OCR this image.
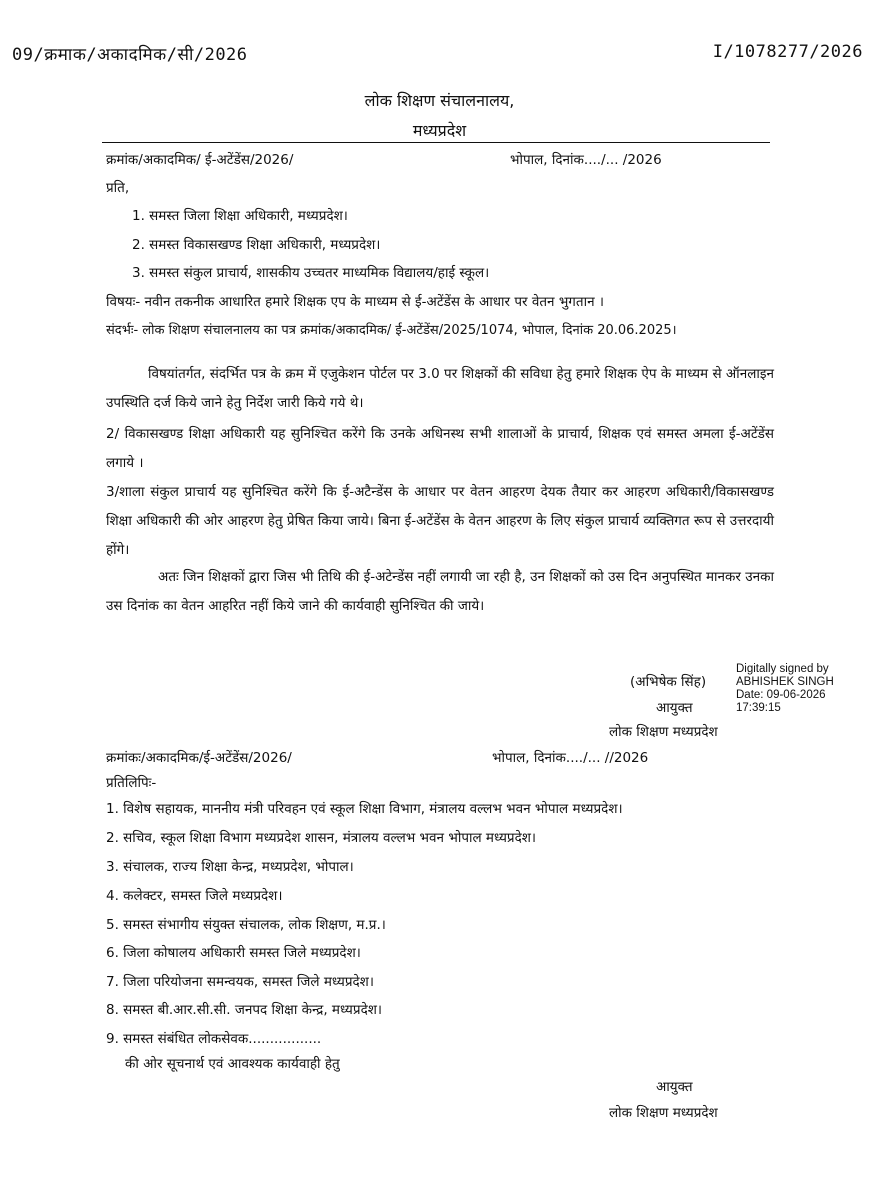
09/क्रमाक/अकादमिक/सी/2026	I/1078277/2026
लोक शिक्षण संचालनालय,
मध्यप्रदेश
क्रमांक/अकादमिक/ ई-अटेंडेंस/2026/	भोपाल, दिनांक..../... /2026
प्रति,
1. समस्त जिला शिक्षा अधिकारी, मध्यप्रदेश।
2. समस्त विकासखण्ड शिक्षा अधिकारी, मध्यप्रदेश।
3. समस्त संकुल प्राचार्य, शासकीय उच्चतर माध्यमिक विद्यालय/हाई स्कूल।
विषयः- नवीन तकनीक आधारित हमारे शिक्षक एप के माध्यम से ई-अटेंडेंस के आधार पर वेतन भुगतान ।
संदर्भः- लोक शिक्षण संचालनालय का पत्र क्रमांक/अकादमिक/ ई-अटेंडेंस/2025/1074, भोपाल, दिनांक 20.06.2025।
विषयांतर्गत, संदर्भित पत्र के क्रम में एजुकेशन पोर्टल पर 3.0 पर शिक्षकों की सविधा हेतु हमारे शिक्षक ऐप के माध्यम से ऑनलाइन उपस्थिति दर्ज किये जाने हेतु निर्देश जारी किये गये थे।
2/ विकासखण्ड शिक्षा अधिकारी यह सुनिश्चित करेंगे कि उनके अधिनस्थ सभी शालाओं के प्राचार्य, शिक्षक एवं समस्त अमला ई-अटेंडेंस लगाये ।
3/शाला संकुल प्राचार्य यह सुनिश्चित करेंगे कि ई-अटैन्डेंस के आधार पर वेतन आहरण देयक तैयार कर आहरण अधिकारी/विकासखण्ड शिक्षा अधिकारी की ओर आहरण हेतु प्रेषित किया जाये। बिना ई-अटेंडेंस के वेतन आहरण के लिए संकुल प्राचार्य व्यक्तिगत रूप से उत्तरदायी होंगे।
अतः जिन शिक्षकों द्वारा जिस भी तिथि की ई-अटेन्डेंस नहीं लगायी जा रही है, उन शिक्षकों को उस दिन अनुपस्थित मानकर उनका उस दिनांक का वेतन आहरित नहीं किये जाने की कार्यवाही सुनिश्चित की जाये।
(अभिषेक सिंह)
आयुक्त
लोक शिक्षण मध्यप्रदेश
Digitally signed by
ABHISHEK SINGH
Date: 09-06-2026
17:39:15
क्रमांकः/अकादमिक/ई-अटेंडेंस/2026/	भोपाल, दिनांक..../... //2026
प्रतिलिपिः-
1. विशेष सहायक, माननीय मंत्री परिवहन एवं स्कूल शिक्षा विभाग, मंत्रालय वल्लभ भवन भोपाल मध्यप्रदेश।
2. सचिव, स्कूल शिक्षा विभाग मध्यप्रदेश शासन, मंत्रालय वल्लभ भवन भोपाल मध्यप्रदेश।
3. संचालक, राज्य शिक्षा केन्द्र, मध्यप्रदेश, भोपाल।
4. कलेक्टर, समस्त जिले मध्यप्रदेश।
5. समस्त संभागीय संयुक्त संचालक, लोक शिक्षण, म.प्र.।
6. जिला कोषालय अधिकारी समस्त जिले मध्यप्रदेश।
7. जिला परियोजना समन्वयक, समस्त जिले मध्यप्रदेश।
8. समस्त बी.आर.सी.सी. जनपद शिक्षा केन्द्र, मध्यप्रदेश।
9. समस्त संबंधित लोकसेवक.................
की ओर सूचनार्थ एवं आवश्यक कार्यवाही हेतु
आयुक्त
लोक शिक्षण मध्यप्रदेश
